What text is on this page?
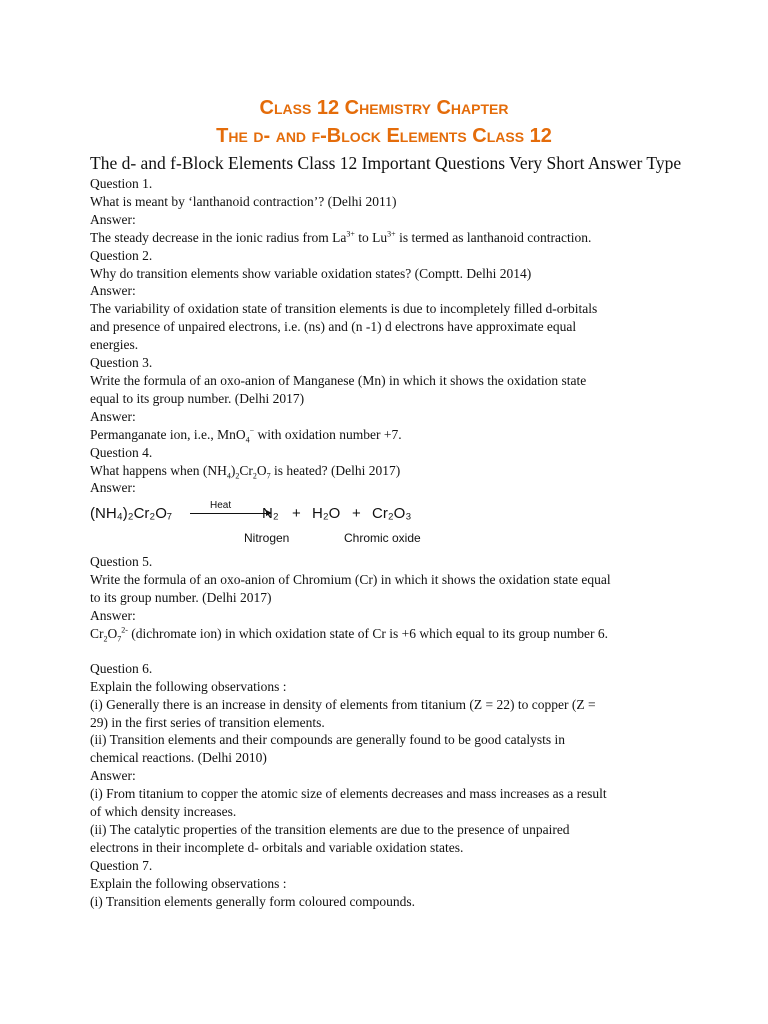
Class 12 Chemistry Chapter
The d- and f-Block Elements Class 12

The d- and f-Block Elements Class 12 Important Questions Very Short Answer Type

Question 1.

What is meant by ‘lanthanoid contraction’? (Delhi 2011)

Answer:

The steady decrease in the ionic radius from $La^{3+}$ to $Lu^{3+}$ is termed as lanthanoid contraction.

Question 2.

Why do transition elements show variable oxidation states? (Comptt. Delhi 2014)

Answer:

The variability of oxidation state of transition elements is due to incompletely filled d-orbitals

and presence of unpaired electrons, i.e. (ns) and (n -1) d electrons have approximate equal

energies.

Question 3.

Write the formula of an oxo-anion of Manganese (Mn) in which it shows the oxidation state

equal to its group number. (Delhi 2017)

Answer:

Permanganate ion, i.e., MnO$_4$− with oxidation number +7.

Question 4.

What happens when $(NH_4)_2Cr_2O_7$ is heated? (Delhi 2017)

Answer:

(NH₄)₂Cr₂O₇	Heat N₂ + H₂O + Cr₂O₃
Nitrogen	Chromic oxide

Question 5.

Write the formula of an oxo-anion of Chromium (Cr) in which it shows the oxidation state equal

to its group number. (Delhi 2017)

Answer:

$Cr_2O_7^{2-}$ (dichromate ion) in which oxidation state of Cr is +6 which equal to its group number 6.

Question 6.

Explain the following observations :

(i) Generally there is an increase in density of elements from titanium (Z = 22) to copper (Z =

29) in the first series of transition elements.

(ii) Transition elements and their compounds are generally found to be good catalysts in

chemical reactions. (Delhi 2010)

Answer:

(i) From titanium to copper the atomic size of elements decreases and mass increases as a result

of which density increases.

(ii) The catalytic properties of the transition elements are due to the presence of unpaired

electrons in their incomplete d- orbitals and variable oxidation states.

Question 7.

Explain the following observations :

(i) Transition elements generally form coloured compounds.
